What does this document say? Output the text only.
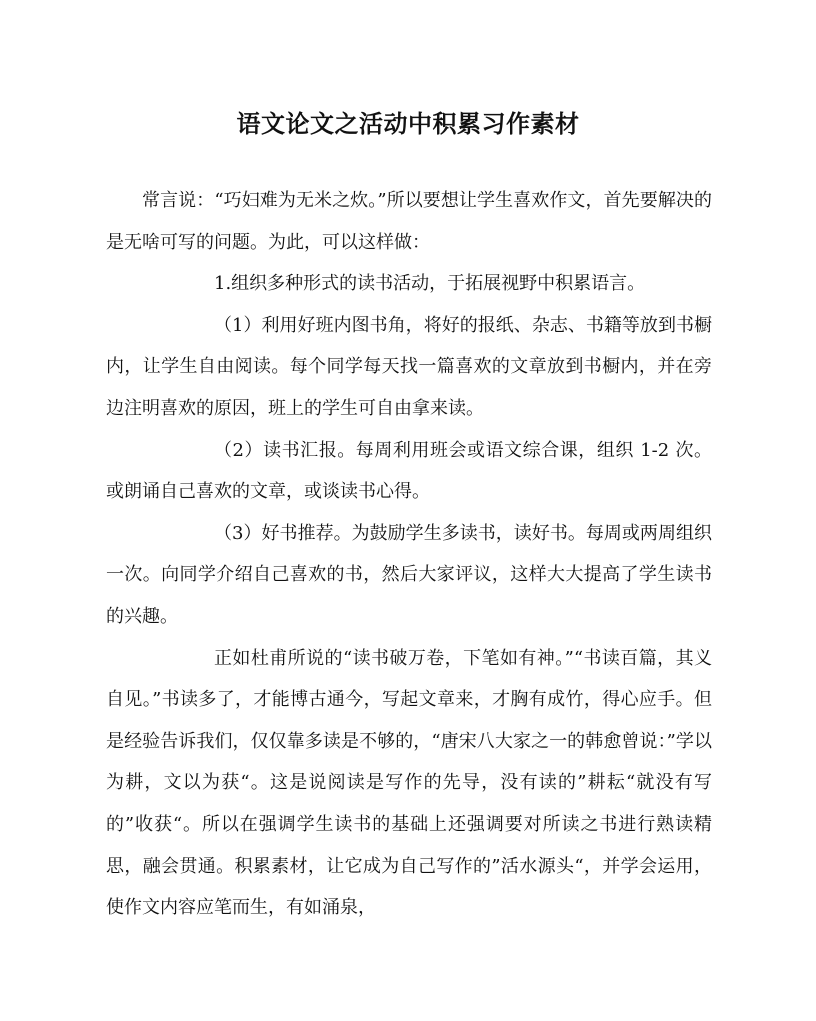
语文论文之活动中积累习作素材

常言说：“巧妇难为无米之炊。”所以要想让学生喜欢作文，首先要解决的是无啥可写的问题。为此，可以这样做：

1.组织多种形式的读书活动，于拓展视野中积累语言。

（1）利用好班内图书角，将好的报纸、杂志、书籍等放到书橱内，让学生自由阅读。每个同学每天找一篇喜欢的文章放到书橱内，并在旁边注明喜欢的原因，班上的学生可自由拿来读。

（2）读书汇报。每周利用班会或语文综合课，组织 1-2 次。或朗诵自己喜欢的文章，或谈读书心得。

（3）好书推荐。为鼓励学生多读书，读好书。每周或两周组织一次。向同学介绍自己喜欢的书，然后大家评议，这样大大提高了学生读书的兴趣。

正如杜甫所说的“读书破万卷，下笔如有神。”“书读百篇，其义自见。”书读多了，才能博古通今，写起文章来，才胸有成竹，得心应手。但是经验告诉我们，仅仅靠多读是不够的，“唐宋八大家之一的韩愈曾说：”学以为耕，文以为获“。这是说阅读是写作的先导，没有读的”耕耘“就没有写的”收获“。所以在强调学生读书的基础上还强调要对所读之书进行熟读精思，融会贯通。积累素材，让它成为自己写作的”活水源头“，并学会运用，使作文内容应笔而生，有如涌泉，
